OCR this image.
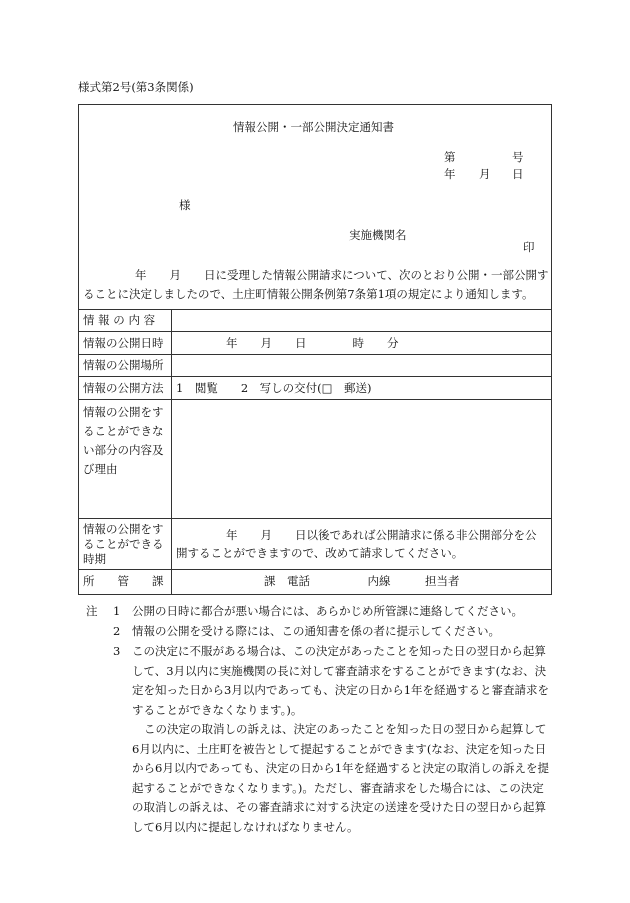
様式第2号(第3条関係)
情報公開・一部公開決定通知書
第	号
年 月 日
様
実施機関名
印
年　　月　　日に受理した情報公開請求について、次のとおり公開・一部公開す
ることに決定しましたので、土庄町情報公開条例第7条第1項の規定により通知します。
情 報 の 内 容
情報の公開日時	年　　月　　日　　　　時　　分
情報の公開場所
情報の公開方法 1　閲覧　　2　写しの交付(□　郵送)
情報の公開をすることができない部分の内容及び理由
情報の公開をすることができる時期
年　　月　　日以後であれば公開請求に係る非公開部分を公
開することができますので、改めて請求してください。
所　　管　　課	課　電話　　　　　内線　　　担当者
注 1 公開の日時に都合が悪い場合には、あらかじめ所管課に連絡してください。
2 情報の公開を受ける際には、この通知書を係の者に提示してください。
3 この決定に不服がある場合は、この決定があったことを知った日の翌日から起算して、3月以内に実施機関の長に対して審査請求をすることができます(なお、決定を知った日から3月以内であっても、決定の日から1年を経過すると審査請求をすることができなくなります。)。
この決定の取消しの訴えは、決定のあったことを知った日の翌日から起算して6月以内に、土庄町を被告として提起することができます(なお、決定を知った日から6月以内であっても、決定の日から1年を経過すると決定の取消しの訴えを提起することができなくなります。)。ただし、審査請求をした場合には、この決定の取消しの訴えは、その審査請求に対する決定の送達を受けた日の翌日から起算して6月以内に提起しなければなりません。
